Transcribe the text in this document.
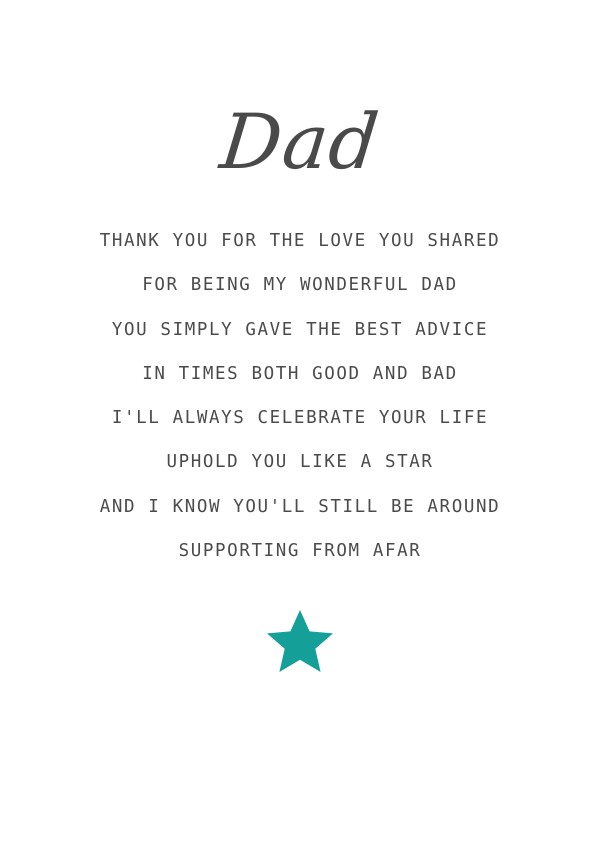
Dad

THANK YOU FOR THE LOVE YOU SHARED

FOR BEING MY WONDERFUL DAD

YOU SIMPLY GAVE THE BEST ADVICE

IN TIMES BOTH GOOD AND BAD

I'LL ALWAYS CELEBRATE YOUR LIFE

UPHOLD YOU LIKE A STAR

AND I KNOW YOU'LL STILL BE AROUND

SUPPORTING FROM AFAR
